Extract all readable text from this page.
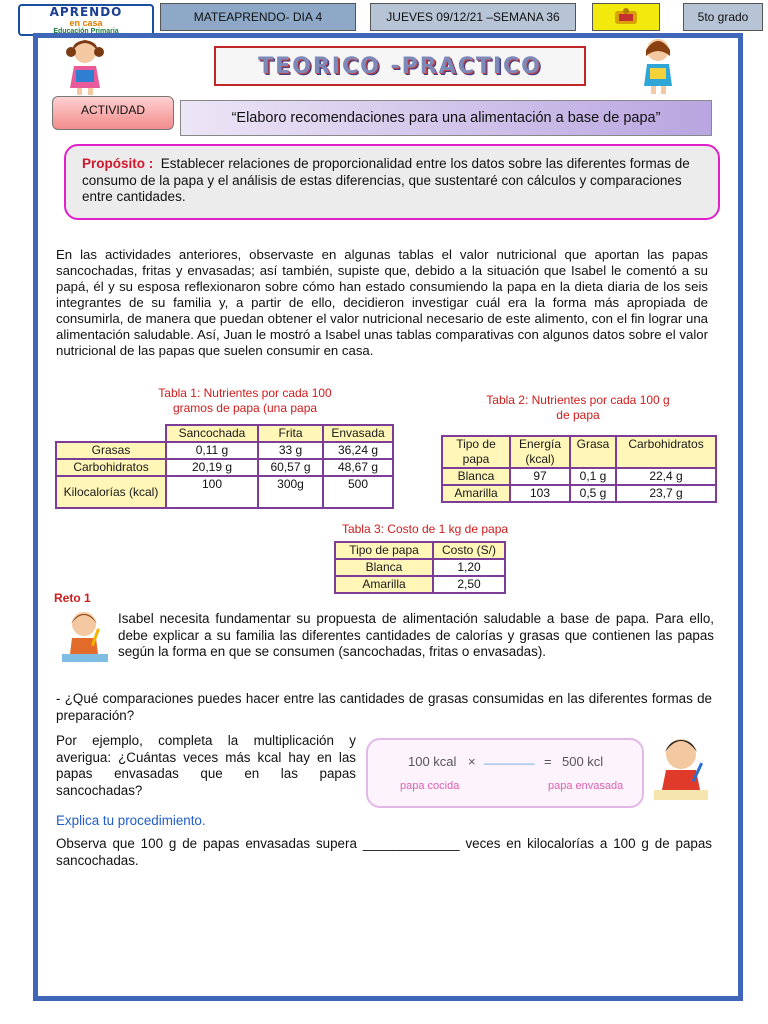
APRENDO
en casa
Educación Primaria
MATEAPRENDO- DIA 4	JUEVES 09/12/21 –SEMANA 36	5to grado
TEORICO -PRACTICO
ACTIVIDAD	“Elaboro recomendaciones para una alimentación a base de papa”
Propósito : Establecer relaciones de proporcionalidad entre los datos sobre las diferentes formas de consumo de la papa y el análisis de estas diferencias, que sustentaré con cálculos y comparaciones entre cantidades.
En las actividades anteriores, observaste en algunas tablas el valor nutricional que aportan las papas sancochadas, fritas y envasadas; así también, supiste que, debido a la situación que Isabel le comentó a su papá, él y su esposa reflexionaron sobre cómo han estado consumiendo la papa en la dieta diaria de los seis integrantes de su familia y, a partir de ello, decidieron investigar cuál era la forma más apropiada de consumirla, de manera que puedan obtener el valor nutricional necesario de este alimento, con el fin lograr una alimentación saludable. Así, Juan le mostró a Isabel unas tablas comparativas con algunos datos sobre el valor nutricional de las papas que suelen consumir en casa.
Tabla 1: Nutrientes por cada 100
gramos de papa (una papa
	Sancochada	Frita	Envasada
Grasas	0,11 g	33 g	36,24 g
Carbohidratos	20,19 g	60,57 g	48,67 g
Kilocalorías (kcal)	100	300g	500
Tabla 2: Nutrientes por cada 100 g
de papa
Tipo de papa	Energía (kcal)	Grasa	Carbohidratos
Blanca	97	0,1 g	22,4 g
Amarilla	103	0,5 g	23,7 g
Tabla 3: Costo de 1 kg de papa
Tipo de papa	Costo (S/)
Blanca	1,20
Amarilla	2,50
Reto 1
Isabel necesita fundamentar su propuesta de alimentación saludable a base de papa. Para ello, debe explicar a su familia las diferentes cantidades de calorías y grasas que contienen las papas según la forma en que se consumen (sancochadas, fritas o envasadas).
- ¿Qué comparaciones puedes hacer entre las cantidades de grasas consumidas en las diferentes formas de preparación?
Por ejemplo, completa la multiplicación y averigua: ¿Cuántas veces más kcal hay en las papas envasadas que en las papas sancochadas?
100 kcal × _______ = 500 kcl
papa cocida	papa envasada
Explica tu procedimiento.
Observa que 100 g de papas envasadas supera _____________ veces en kilocalorías a 100 g de papas sancochadas.
